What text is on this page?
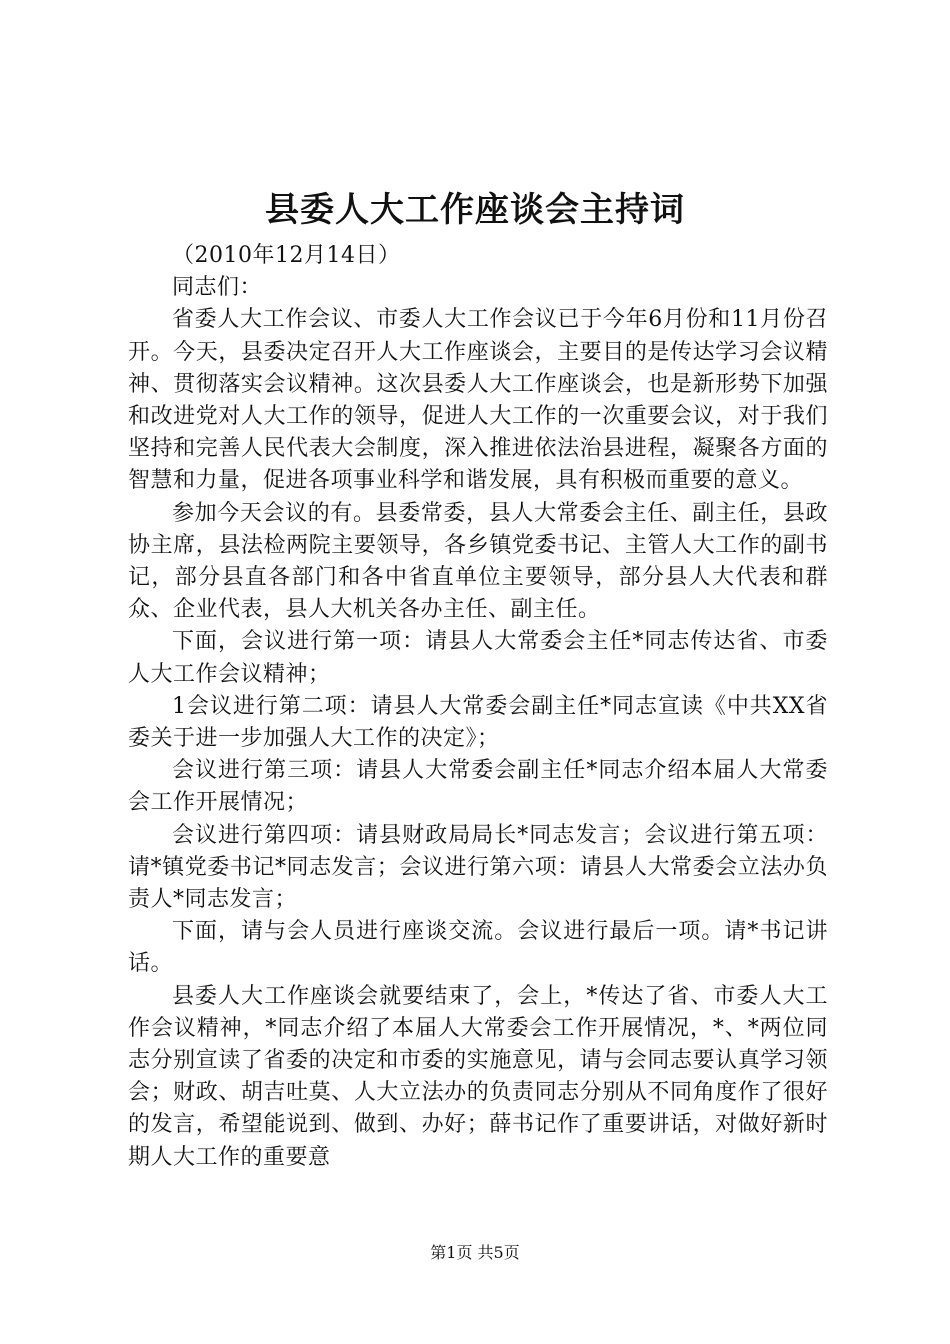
县委人大工作座谈会主持词

（2010年12月14日）

同志们：

省委人大工作会议、市委人大工作会议已于今年6月份和11月份召开。今天，县委决定召开人大工作座谈会，主要目的是传达学习会议精神、贯彻落实会议精神。这次县委人大工作座谈会，也是新形势下加强和改进党对人大工作的领导，促进人大工作的一次重要会议，对于我们坚持和完善人民代表大会制度，深入推进依法治县进程，凝聚各方面的智慧和力量，促进各项事业科学和谐发展，具有积极而重要的意义。

参加今天会议的有。县委常委，县人大常委会主任、副主任，县政协主席，县法检两院主要领导，各乡镇党委书记、主管人大工作的副书记，部分县直各部门和各中省直单位主要领导，部分县人大代表和群众、企业代表，县人大机关各办主任、副主任。

下面，会议进行第一项：请县人大常委会主任*同志传达省、市委人大工作会议精神；

1会议进行第二项：请县人大常委会副主任*同志宣读《中共XX省委关于进一步加强人大工作的决定》；

会议进行第三项：请县人大常委会副主任*同志介绍本届人大常委会工作开展情况；

会议进行第四项：请县财政局局长*同志发言；会议进行第五项：请*镇党委书记*同志发言；会议进行第六项：请县人大常委会立法办负责人*同志发言；

下面，请与会人员进行座谈交流。会议进行最后一项。请*书记讲话。

县委人大工作座谈会就要结束了，会上，*传达了省、市委人大工作会议精神，*同志介绍了本届人大常委会工作开展情况，*、*两位同志分别宣读了省委的决定和市委的实施意见，请与会同志要认真学习领会；财政、胡吉吐莫、人大立法办的负责同志分别从不同角度作了很好的发言，希望能说到、做到、办好；薛书记作了重要讲话，对做好新时期人大工作的重要意

第1页 共5页
